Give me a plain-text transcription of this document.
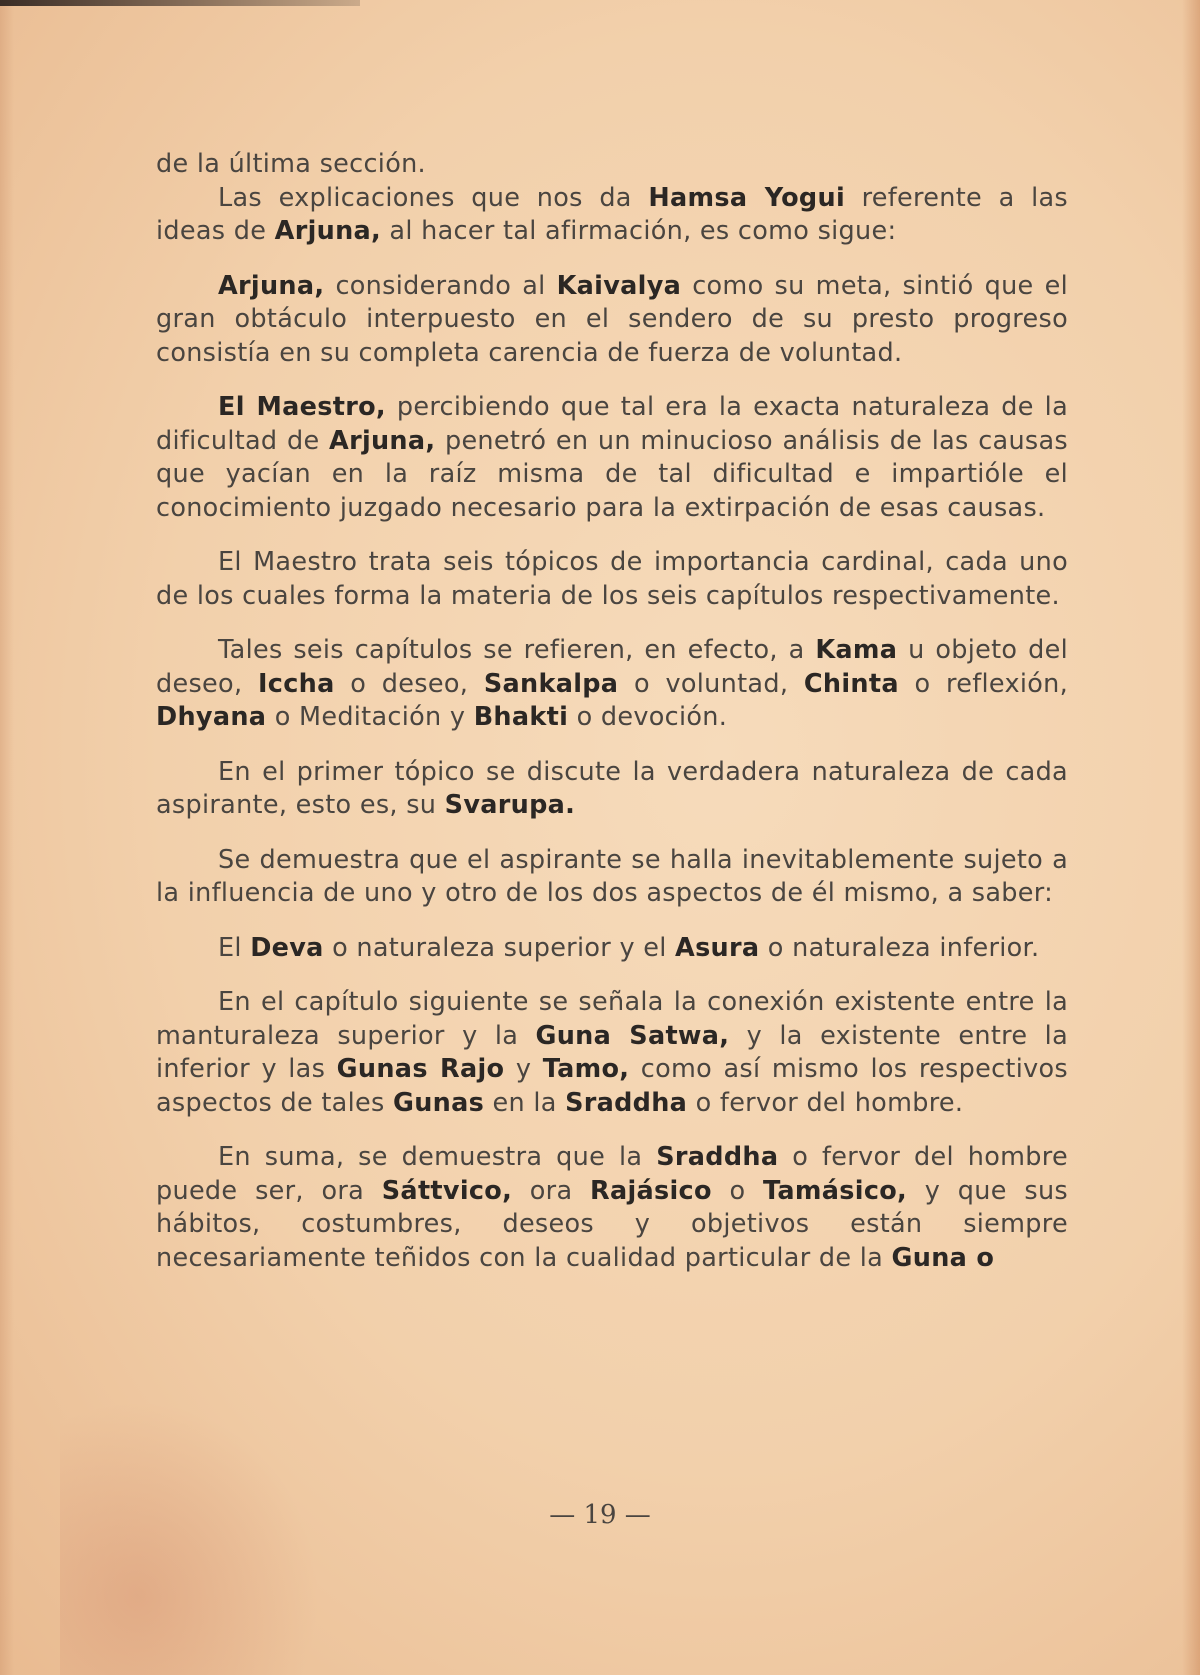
de la última sección.

Las explicaciones que nos da Hamsa Yogui referente a las ideas de Arjuna, al hacer tal afirmación, es como sigue:

Arjuna, considerando al Kaivalya como su meta, sintió que el gran obtáculo interpuesto en el sendero de su presto progreso consistía en su completa carencia de fuerza de voluntad.

El Maestro, percibiendo que tal era la exacta naturaleza de la dificultad de Arjuna, penetró en un minucioso análisis de las causas que yacían en la raíz misma de tal dificultad e impartióle el conocimiento juzgado necesario para la extirpación de esas causas.

El Maestro trata seis tópicos de importancia cardinal, cada uno de los cuales forma la materia de los seis capítulos respectivamente.

Tales seis capítulos se refieren, en efecto, a Kama u objeto del deseo, Iccha o deseo, Sankalpa o voluntad, Chinta o reflexión, Dhyana o Meditación y Bhakti o devoción.

En el primer tópico se discute la verdadera naturaleza de cada aspirante, esto es, su Svarupa.

Se demuestra que el aspirante se halla inevitablemente sujeto a la influencia de uno y otro de los dos aspectos de él mismo, a saber:

El Deva o naturaleza superior y el Asura o naturaleza inferior.

En el capítulo siguiente se señala la conexión existente entre la manturaleza superior y la Guna Satwa, y la existente entre la inferior y las Gunas Rajo y Tamo, como así mismo los respectivos aspectos de tales Gunas en la Sraddha o fervor del hombre.

En suma, se demuestra que la Sraddha o fervor del hombre puede ser, ora Sáttvico, ora Rajásico o Tamásico, y que sus hábitos, costumbres, deseos y objetivos están siempre necesariamente teñidos con la cualidad particular de la Guna o

— 19 —
